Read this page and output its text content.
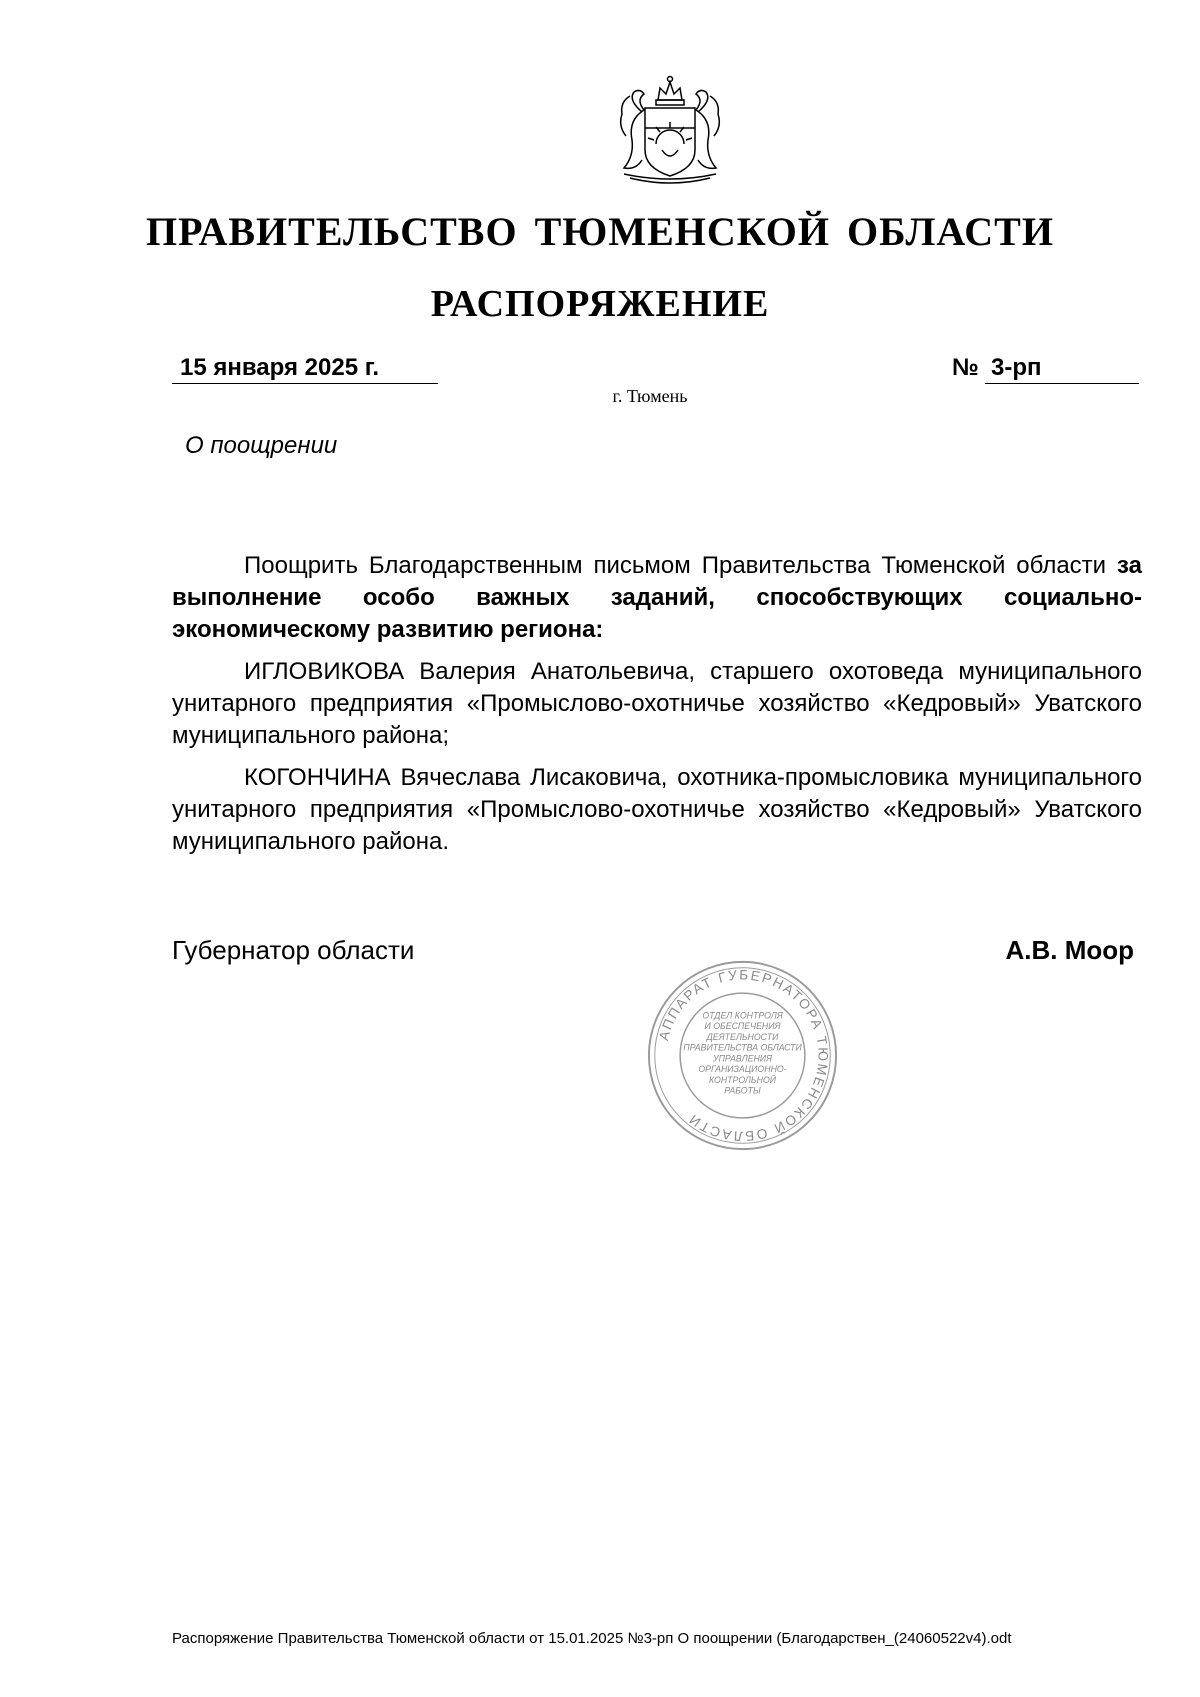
ПРАВИТЕЛЬСТВО ТЮМЕНСКОЙ ОБЛАСТИ
РАСПОРЯЖЕНИЕ
15 января 2025 г.	№ 3-рп
г. Тюмень
О поощрении

Поощрить Благодарственным письмом Правительства Тюменской области за выполнение особо важных заданий, способствующих социально-экономическому развитию региона:

ИГЛОВИКОВА Валерия Анатольевича, старшего охотоведа муниципального унитарного предприятия «Промыслово-охотничье хозяйство «Кедровый» Уватского муниципального района;

КОГОНЧИНА Вячеслава Лисаковича, охотника-промысловика муниципального унитарного предприятия «Промыслово-охотничье хозяйство «Кедровый» Уватского муниципального района.

Губернатор области	А.В. Моор
АППАРАТ ГУБЕРНАТОРА ТЮМЕНСКОЙ ОБЛАСТИ
ОТДЕЛ КОНТРОЛЯ
И ОБЕСПЕЧЕНИЯ
ДЕЯТЕЛЬНОСТИ
ПРАВИТЕЛЬСТВА ОБЛАСТИ
УПРАВЛЕНИЯ
ОРГАНИЗАЦИОННО-
КОНТРОЛЬНОЙ
РАБОТЫ
Распоряжение Правительства Тюменской области от 15.01.2025 №3-рп О поощрении (Благодарствен_(24060522v4).odt
